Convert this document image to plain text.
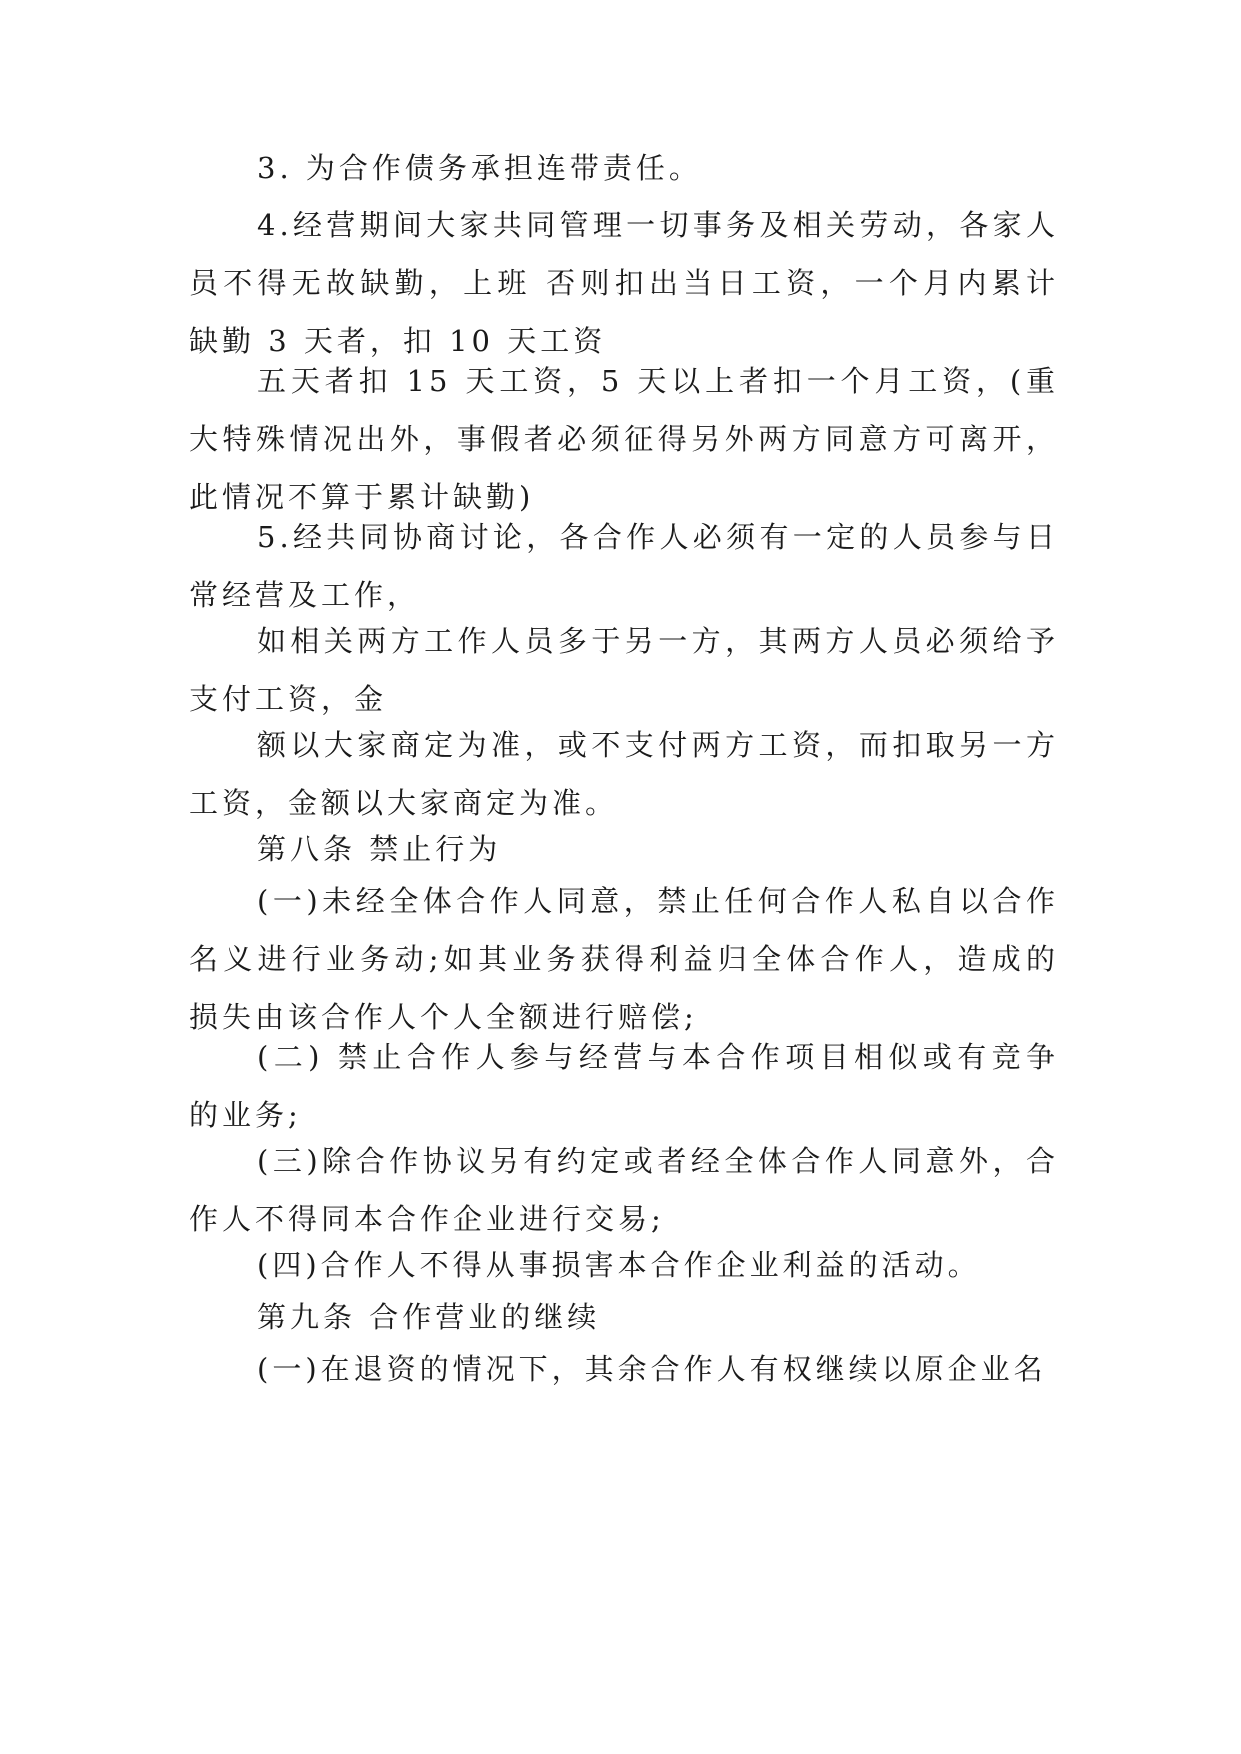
3. 为合作债务承担连带责任。

4.经营期间大家共同管理一切事务及相关劳动，各家人员不得无故缺勤，上班 否则扣出当日工资，一个月内累计缺勤 3 天者，扣 10 天工资

五天者扣 15 天工资，5 天以上者扣一个月工资，(重大特殊情况出外，事假者必须征得另外两方同意方可离开，此情况不算于累计缺勤)

5.经共同协商讨论，各合作人必须有一定的人员参与日常经营及工作，

如相关两方工作人员多于另一方，其两方人员必须给予支付工资，金

额以大家商定为准，或不支付两方工资，而扣取另一方工资，金额以大家商定为准。

第八条 禁止行为

(一)未经全体合作人同意，禁止任何合作人私自以合作名义进行业务动;如其业务获得利益归全体合作人，造成的损失由该合作人个人全额进行赔偿;

(二) 禁止合作人参与经营与本合作项目相似或有竞争的业务;

(三)除合作协议另有约定或者经全体合作人同意外，合作人不得同本合作企业进行交易;

(四)合作人不得从事损害本合作企业利益的活动。

第九条 合作营业的继续

(一)在退资的情况下，其余合作人有权继续以原企业名
